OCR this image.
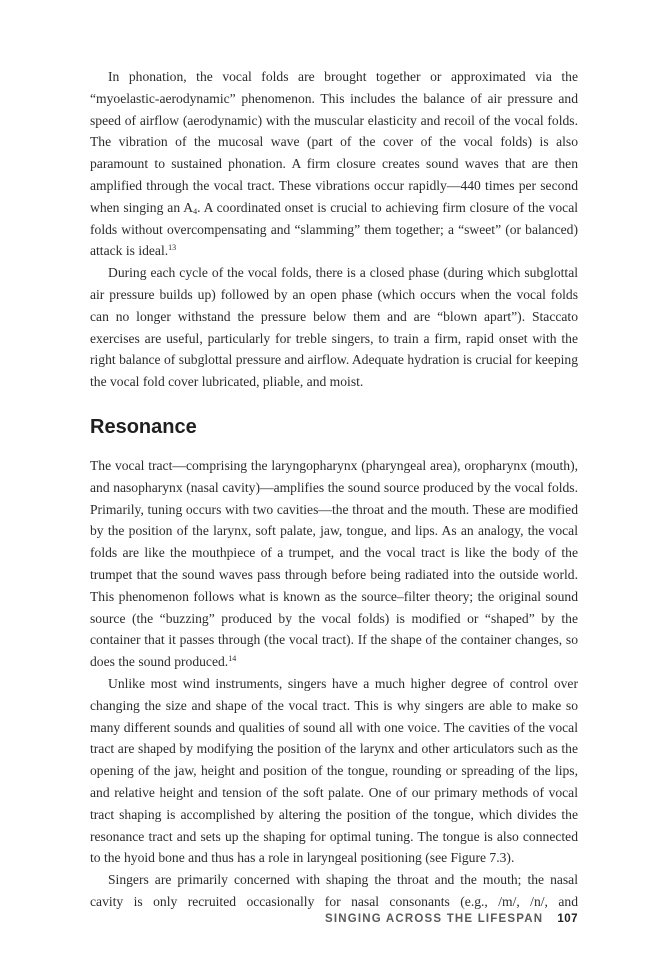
In phonation, the vocal folds are brought together or approximated via the “myoelastic-aerodynamic” phenomenon. This includes the balance of air pressure and speed of airflow (aerodynamic) with the muscular elasticity and recoil of the vocal folds. The vibration of the mucosal wave (part of the cover of the vocal folds) is also paramount to sustained phonation. A firm closure creates sound waves that are then amplified through the vocal tract. These vibrations occur rapidly—440 times per second when singing an $A_4$. A coordinated onset is crucial to achieving firm closure of the vocal folds without overcompensating and “slamming” them together; a “sweet” (or balanced) attack is ideal.$^{13}$

During each cycle of the vocal folds, there is a closed phase (during which subglottal air pressure builds up) followed by an open phase (which occurs when the vocal folds can no longer withstand the pressure below them and are “blown apart”). Staccato exercises are useful, particularly for treble singers, to train a firm, rapid onset with the right balance of subglottal pressure and airflow. Adequate hydration is crucial for keeping the vocal fold cover lubricated, pliable, and moist.

Resonance

The vocal tract—comprising the laryngopharynx (pharyngeal area), oropharynx (mouth), and nasopharynx (nasal cavity)—amplifies the sound source produced by the vocal folds. Primarily, tuning occurs with two cavities—the throat and the mouth. These are modified by the position of the larynx, soft palate, jaw, tongue, and lips. As an analogy, the vocal folds are like the mouthpiece of a trumpet, and the vocal tract is like the body of the trumpet that the sound waves pass through before being radiated into the outside world. This phenomenon follows what is known as the source–filter theory; the original sound source (the “buzzing” produced by the vocal folds) is modified or “shaped” by the container that it passes through (the vocal tract). If the shape of the container changes, so does the sound produced.$^{14}$

Unlike most wind instruments, singers have a much higher degree of control over changing the size and shape of the vocal tract. This is why singers are able to make so many different sounds and qualities of sound all with one voice. The cavities of the vocal tract are shaped by modifying the position of the larynx and other articulators such as the opening of the jaw, height and position of the tongue, rounding or spreading of the lips, and relative height and tension of the soft palate. One of our primary methods of vocal tract shaping is accomplished by altering the position of the tongue, which divides the resonance tract and sets up the shaping for optimal tuning. The tongue is also connected to the hyoid bone and thus has a role in laryngeal positioning (see Figure 7.3).

Singers are primarily concerned with shaping the throat and the mouth; the nasal cavity is only recruited occasionally for nasal consonants (e.g., /m/, /n/, and

SINGING ACROSS THE LIFESPAN 107
